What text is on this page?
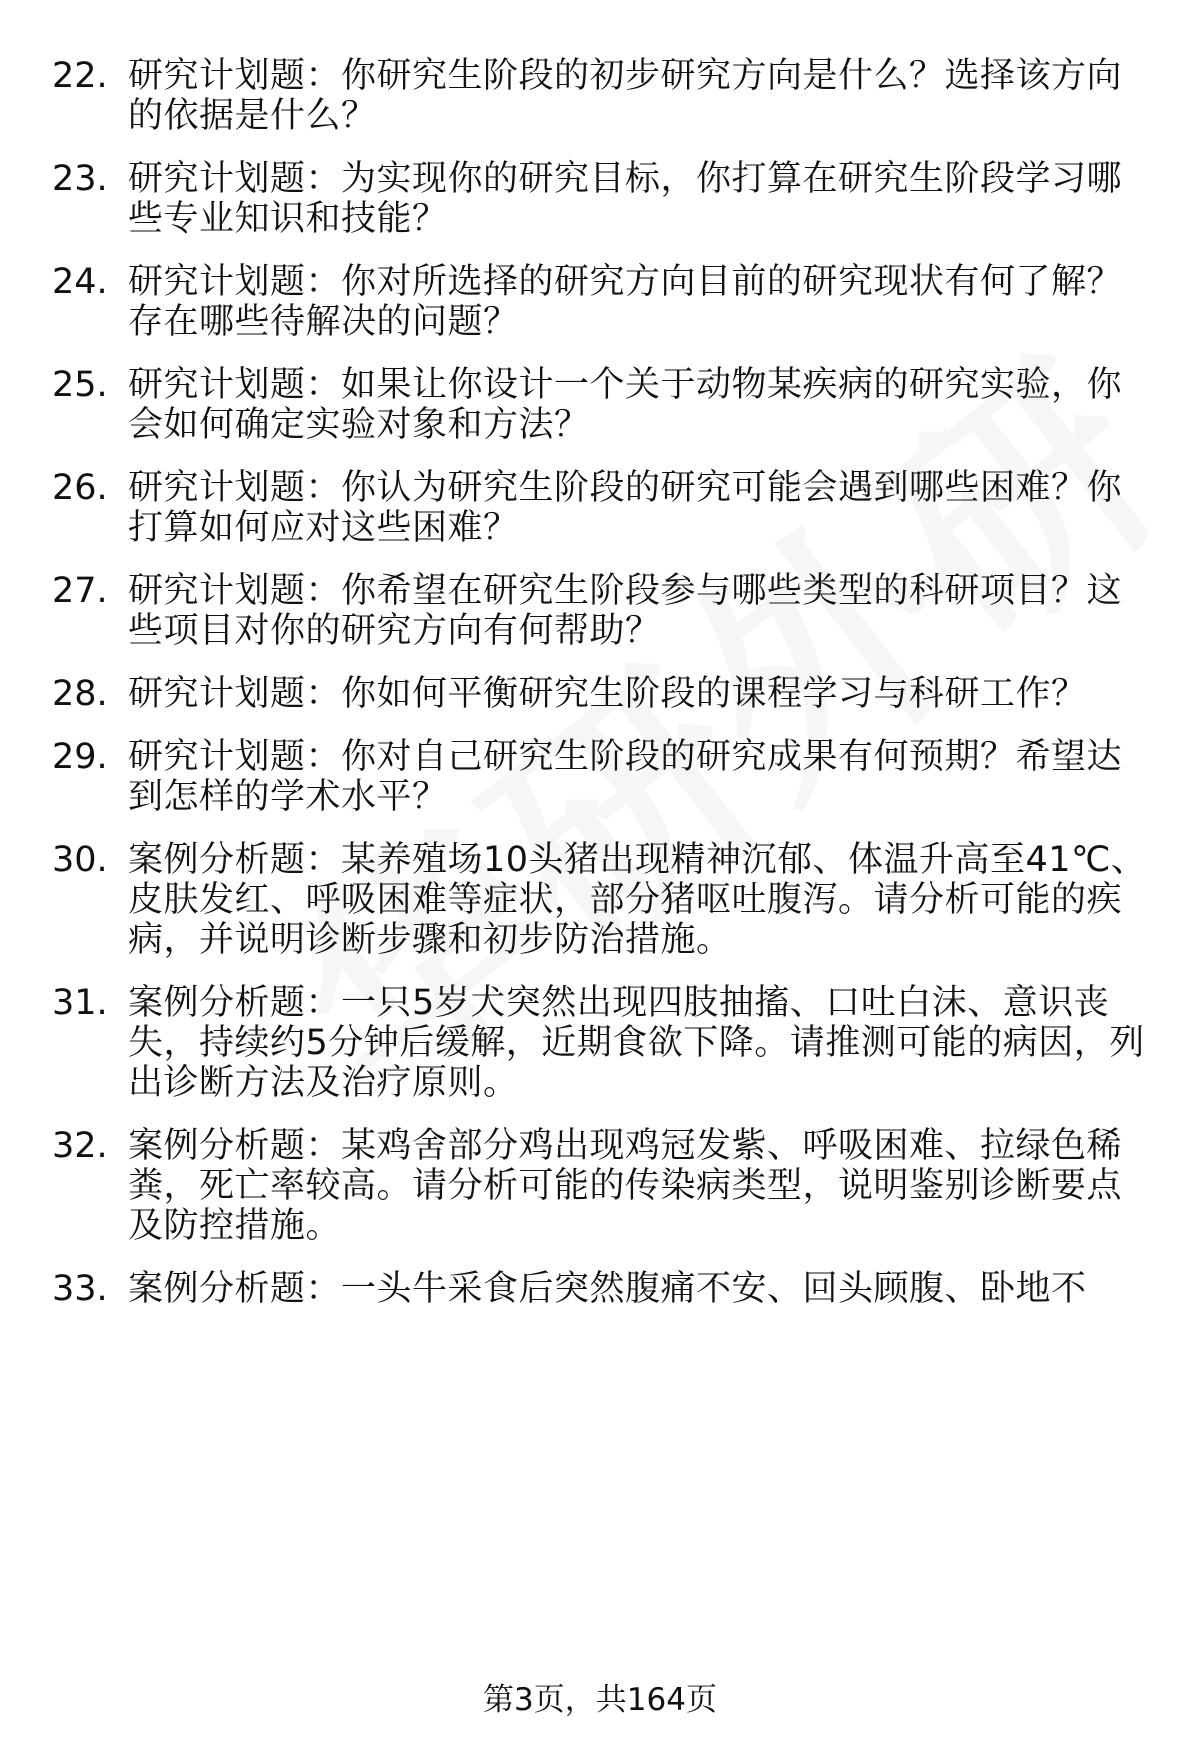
22. 研究计划题：你研究生阶段的初步研究方向是什么？选择该方向的依据是什么？
23. 研究计划题：为实现你的研究目标，你打算在研究生阶段学习哪些专业知识和技能？
24. 研究计划题：你对所选择的研究方向目前的研究现状有何了解？存在哪些待解决的问题？
25. 研究计划题：如果让你设计一个关于动物某疾病的研究实验，你会如何确定实验对象和方法？
26. 研究计划题：你认为研究生阶段的研究可能会遇到哪些困难？你打算如何应对这些困难？
27. 研究计划题：你希望在研究生阶段参与哪些类型的科研项目？这些项目对你的研究方向有何帮助？
28. 研究计划题：你如何平衡研究生阶段的课程学习与科研工作？
29. 研究计划题：你对自己研究生阶段的研究成果有何预期？希望达到怎样的学术水平？
30. 案例分析题：某养殖场10头猪出现精神沉郁、体温升高至41℃、皮肤发红、呼吸困难等症状，部分猪呕吐腹泻。请分析可能的疾病，并说明诊断步骤和初步防治措施。
31. 案例分析题：一只5岁犬突然出现四肢抽搐、口吐白沫、意识丧失，持续约5分钟后缓解，近期食欲下降。请推测可能的病因，列出诊断方法及治疗原则。
32. 案例分析题：某鸡舍部分鸡出现鸡冠发紫、呼吸困难、拉绿色稀粪，死亡率较高。请分析可能的传染病类型，说明鉴别诊断要点及防控措施。
33. 案例分析题：一头牛采食后突然腹痛不安、回头顾腹、卧地不
第3页，共164页
